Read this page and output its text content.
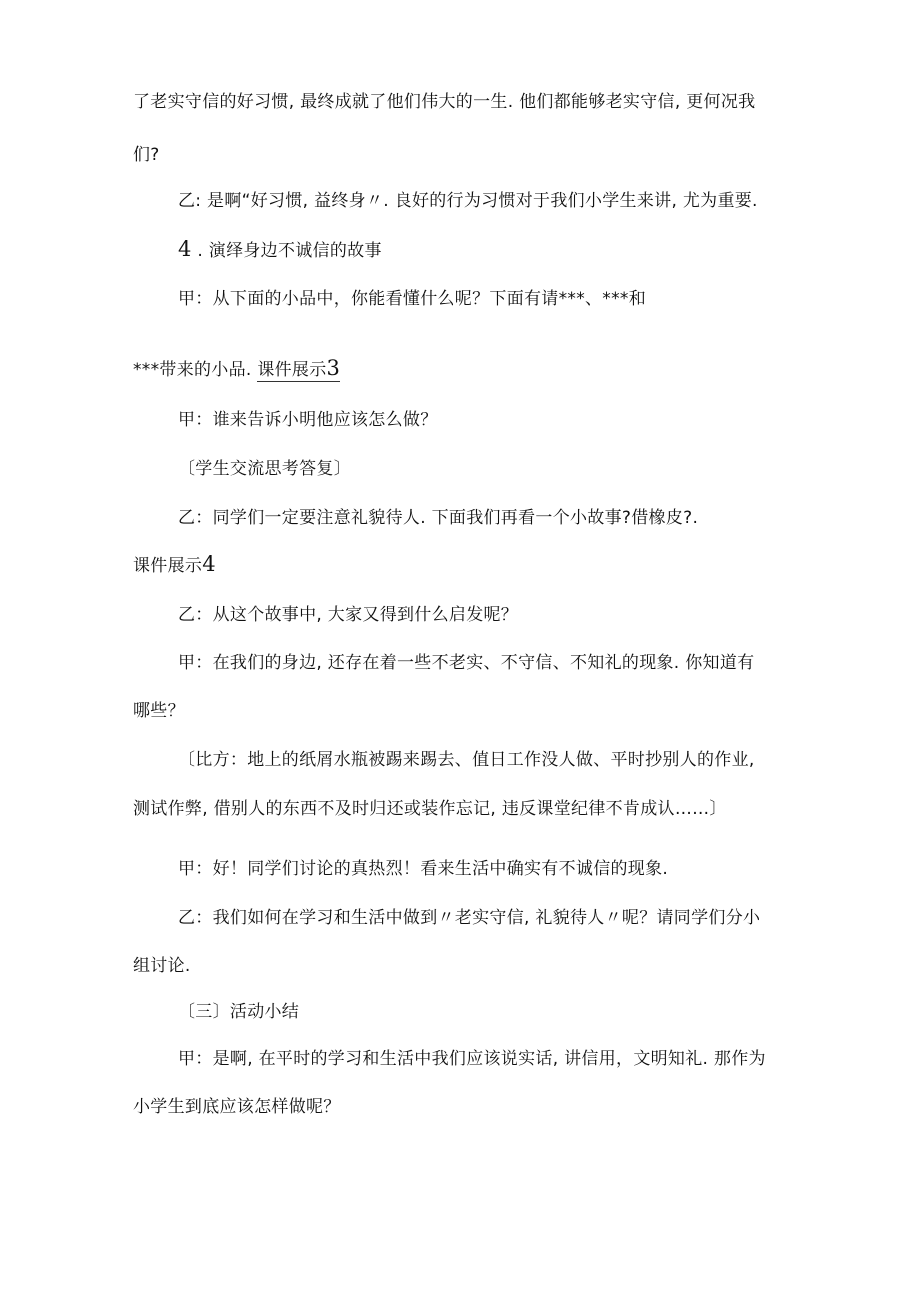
了老实守信的好习惯, 最终成就了他们伟大的一生. 他们都能够老实守信, 更何况我
们?
乙: 是啊“好习惯, 益终身〃. 良好的行为习惯对于我们小学生来讲, 尤为重要.
4 . 演绎身边不诚信的故事
甲：从下面的小品中，你能看懂什么呢？下面有请***、***和
***带来的小品. 课件展示3
甲：谁来告诉小明他应该怎么做？
〔学生交流思考答复〕
乙：同学们一定要注意礼貌待人. 下面我们再看一个小故事?借橡皮?.
课件展示4
乙：从这个故事中, 大家又得到什么启发呢？
甲：在我们的身边, 还存在着一些不老实、不守信、不知礼的现象. 你知道有
哪些？
〔比方：地上的纸屑水瓶被踢来踢去、值日工作没人做、平时抄别人的作业,
测试作弊, 借别人的东西不及时归还或装作忘记, 违反课堂纪律不肯成认……〕
甲：好！同学们讨论的真热烈！看来生活中确实有不诚信的现象.
乙：我们如何在学习和生活中做到〃老实守信, 礼貌待人〃呢？请同学们分小
组讨论.
〔三〕活动小结
甲：是啊, 在平时的学习和生活中我们应该说实话, 讲信用，文明知礼. 那作为
小学生到底应该怎样做呢？
